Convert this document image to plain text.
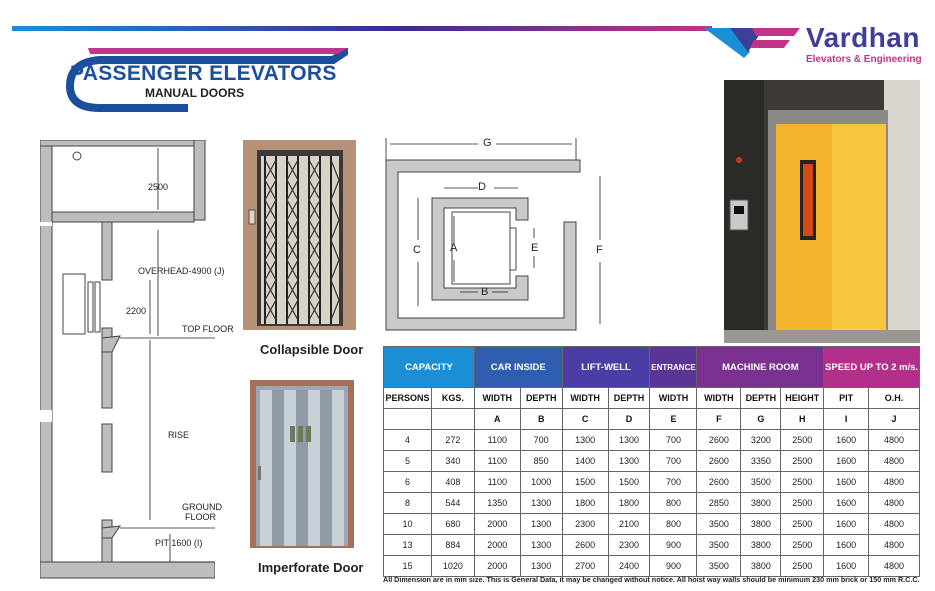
Vardhan
Elevators & Engineering
PASSENGER ELEVATORS
MANUAL DOORS
2500
OVERHEAD-4900 (J)
2200
TOP FLOOR
RISE
GROUND
FLOOR
PIT 1600 (I)
Collapsible Door
Imperforate Door
G
D
C	A	E	F
B
CAPACITY		CAR INSIDE		LIFT-WELL		ENTRANCE	MACHINE ROOM			SPEED UP TO 2 m/s.	
PERSONS	KGS.	WIDTH	DEPTH	WIDTH	DEPTH	WIDTH	WIDTH	DEPTH	HEIGHT	PIT	O.H.
		A	B	C	D	E	F	G	H	I	J
4	272	1100	700	1300	1300	700	2600	3200	2500	1600	4800
5	340	1100	850	1400	1300	700	2600	3350	2500	1600	4800
6	408	1100	1000	1500	1500	700	2600	3500	2500	1600	4800
8	544	1350	1300	1800	1800	800	2850	3800	2500	1600	4800
10	680	2000	1300	2300	2100	800	3500	3800	2500	1600	4800
13	884	2000	1300	2600	2300	900	3500	3800	2500	1600	4800
15	1020	2000	1300	2700	2400	900	3500	3800	2500	1600	4800
All Dimension are in mm size. This is General Data, it may be changed without notice. All hoist way walls should be minimum 230 mm brick or 150 mm R.C.C.
